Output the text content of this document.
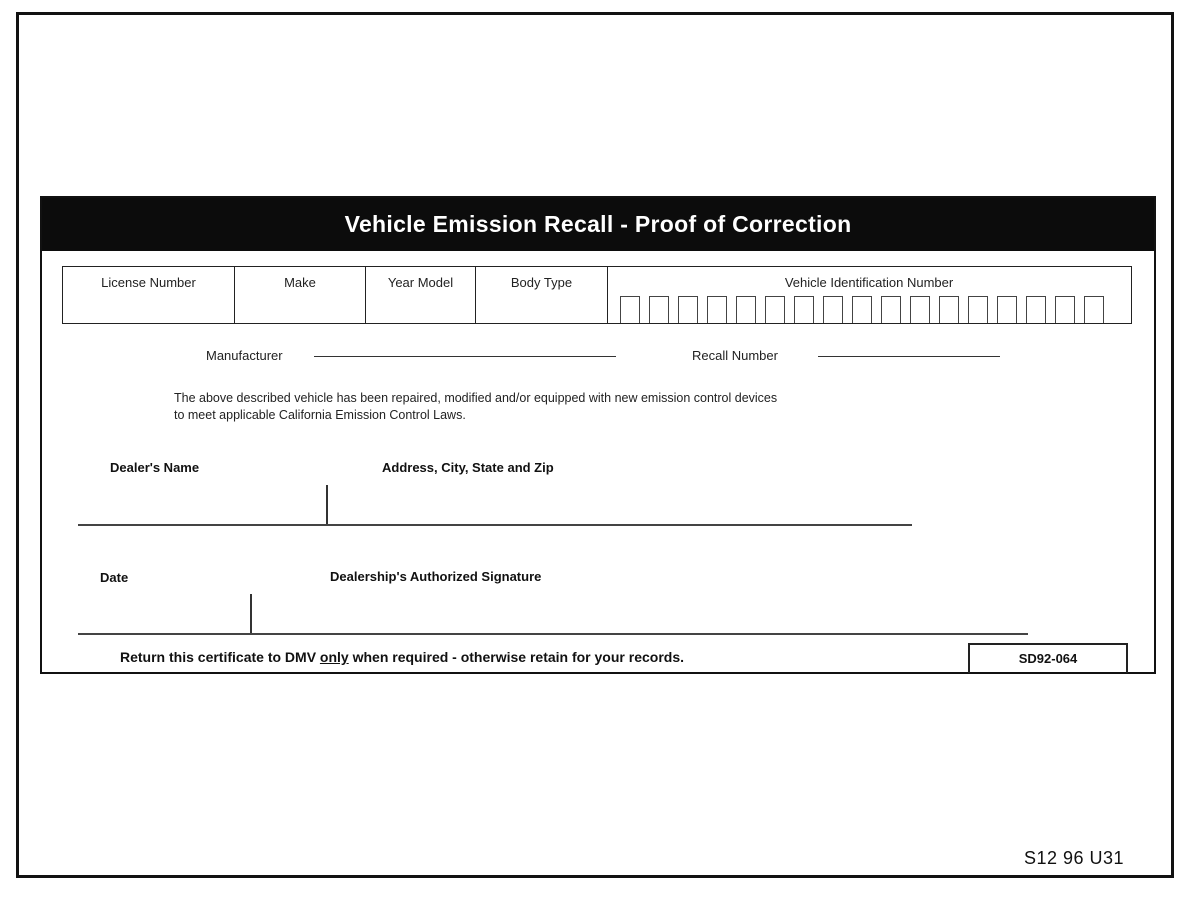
Vehicle Emission Recall - Proof of Correction
License Number	Make	Year Model	Body Type	Vehicle Identification Number
Manufacturer	Recall Number
The above described vehicle has been repaired, modified and/or equipped with new emission control devices
to meet applicable California Emission Control Laws.
Dealer's Name	Address, City, State and Zip
Date	Dealership's Authorized Signature
Return this certificate to DMV only when required - otherwise retain for your records.	SD92-064
S12 96 U31
